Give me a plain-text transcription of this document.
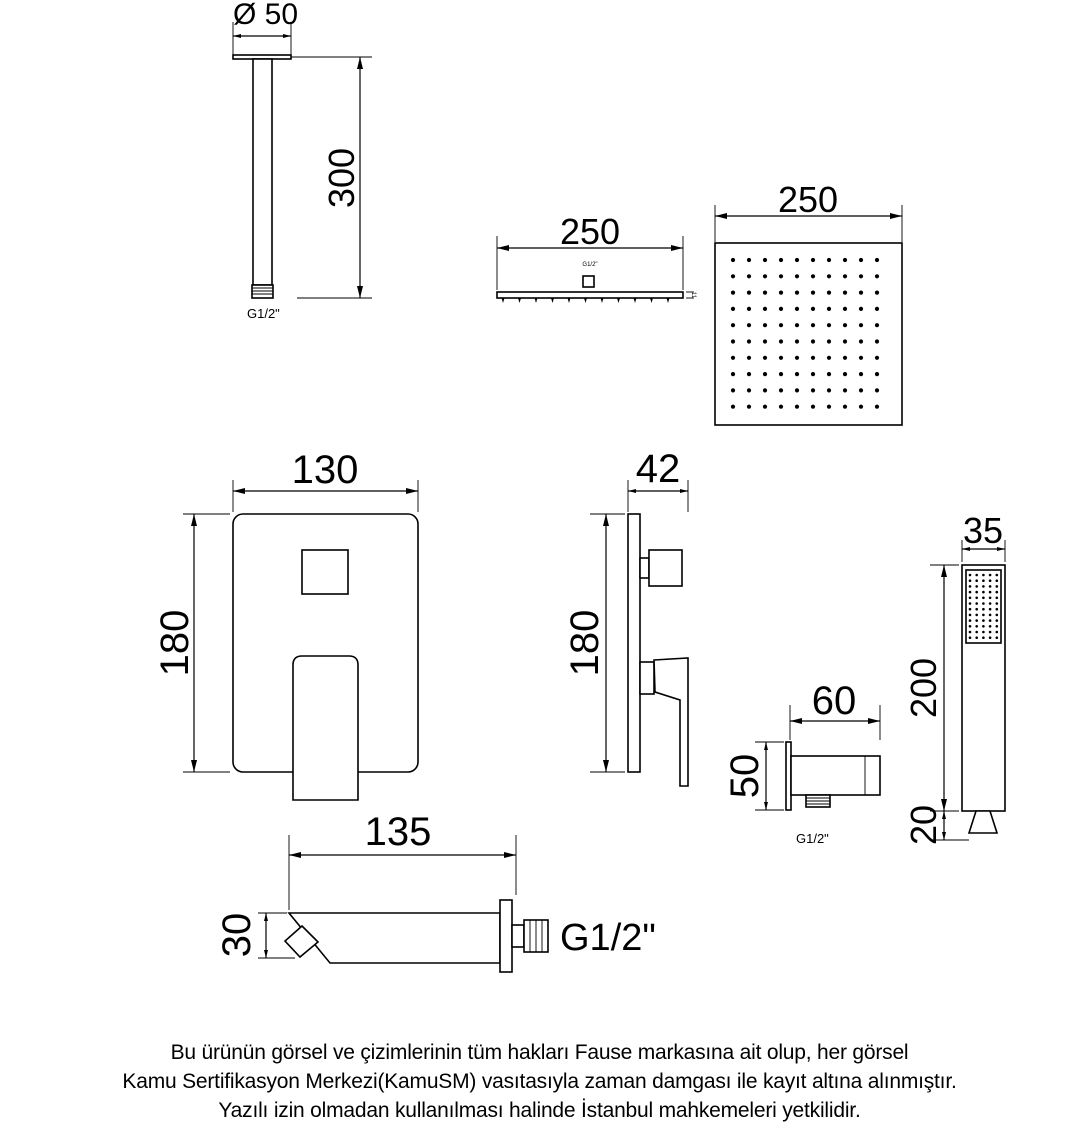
Ø 50
G1/2"
300
250
G1/2"
11
250
130
180
42
180
35
200
20
60
G1/2"
50
135
G1/2"
30
Bu ürünün görsel ve çizimlerinin tüm hakları Fause markasına ait olup, her görsel
Kamu Sertifikasyon Merkezi(KamuSM) vasıtasıyla zaman damgası ile kayıt altına alınmıştır.
Yazılı izin olmadan kullanılması halinde İstanbul mahkemeleri yetkilidir.
